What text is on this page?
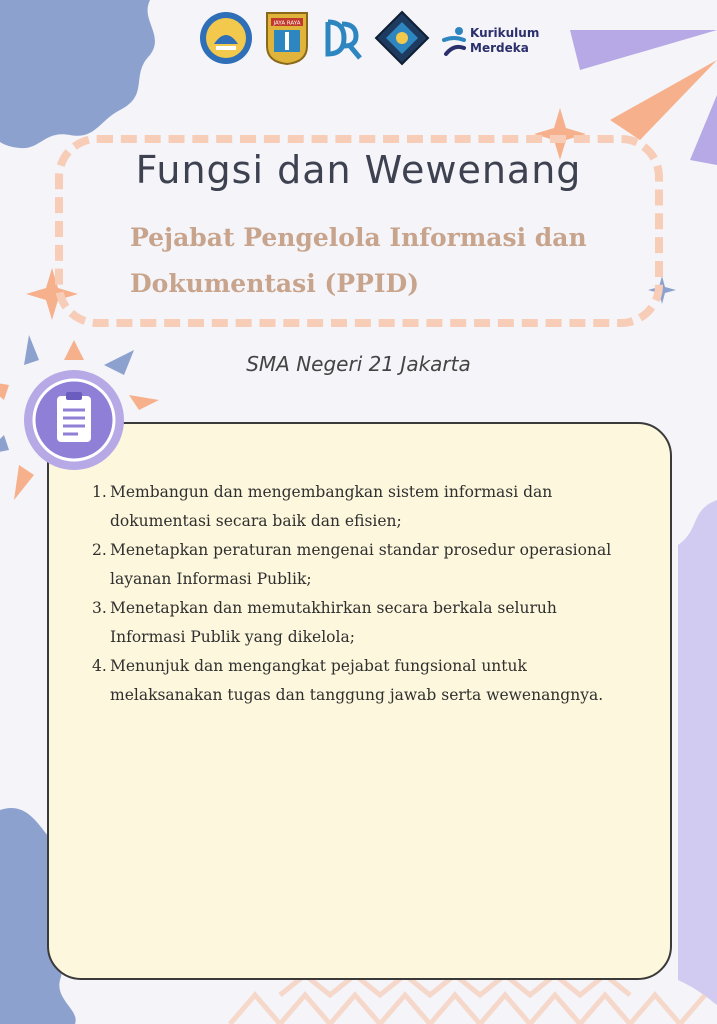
JAYA RAYA
Kurikulum
Merdeka
Fungsi dan Wewenang
Pejabat Pengelola Informasi dan
Dokumentasi (PPID)
SMA Negeri 21 Jakarta
1. Membangun dan mengembangkan sistem informasi dan
dokumentasi secara baik dan efisien;
2. Menetapkan peraturan mengenai standar prosedur operasional
layanan Informasi Publik;
3. Menetapkan dan memutakhirkan secara berkala seluruh
Informasi Publik yang dikelola;
4. Menunjuk dan mengangkat pejabat fungsional untuk
melaksanakan tugas dan tanggung jawab serta wewenangnya.
